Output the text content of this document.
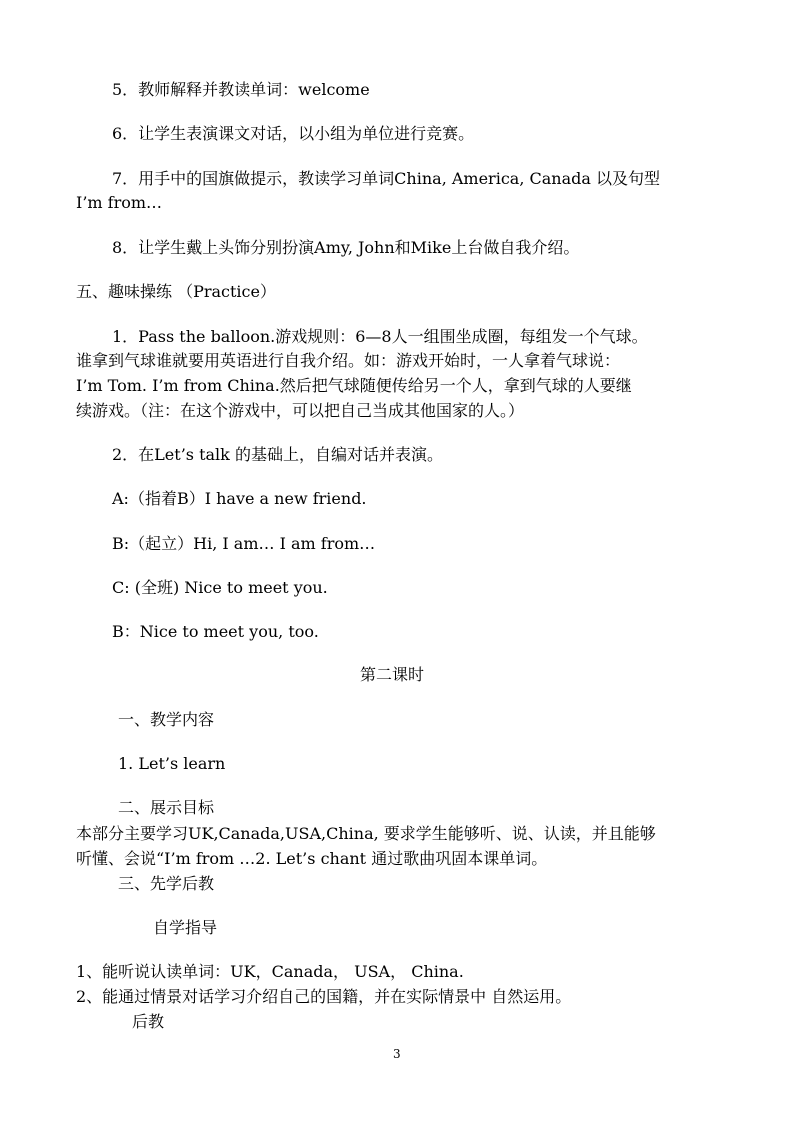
5．教师解释并教读单词：welcome
6．让学生表演课文对话，以小组为单位进行竞赛。
7．用手中的国旗做提示，教读学习单词China, America, Canada 以及句型
I’m from…
8．让学生戴上头饰分别扮演Amy, John和Mike上台做自我介绍。
五、趣味操练 （Practice）
1．Pass the balloon.游戏规则：6—8人一组围坐成圈，每组发一个气球。
谁拿到气球谁就要用英语进行自我介绍。如：游戏开始时，一人拿着气球说：
I’m Tom. I’m from China.然后把气球随便传给另一个人，拿到气球的人要继
续游戏。（注：在这个游戏中，可以把自己当成其他国家的人。）
2．在Let’s talk 的基础上，自编对话并表演。
A:（指着B）I have a new friend.
B:（起立）Hi, I am… I am from…
C: (全班) Nice to meet you.
B：Nice to meet you, too.
第二课时
一、教学内容
1. Let’s learn
二、展示目标
本部分主要学习UK,Canada,USA,China, 要求学生能够听、说、认读，并且能够
听懂、会说“I’m from …2. Let’s chant 通过歌曲巩固本课单词。
三、先学后教
自学指导
1、能听说认读单词：UK，Canada， USA， China.
2、能通过情景对话学习介绍自己的国籍，并在实际情景中 自然运用。
后教
3
